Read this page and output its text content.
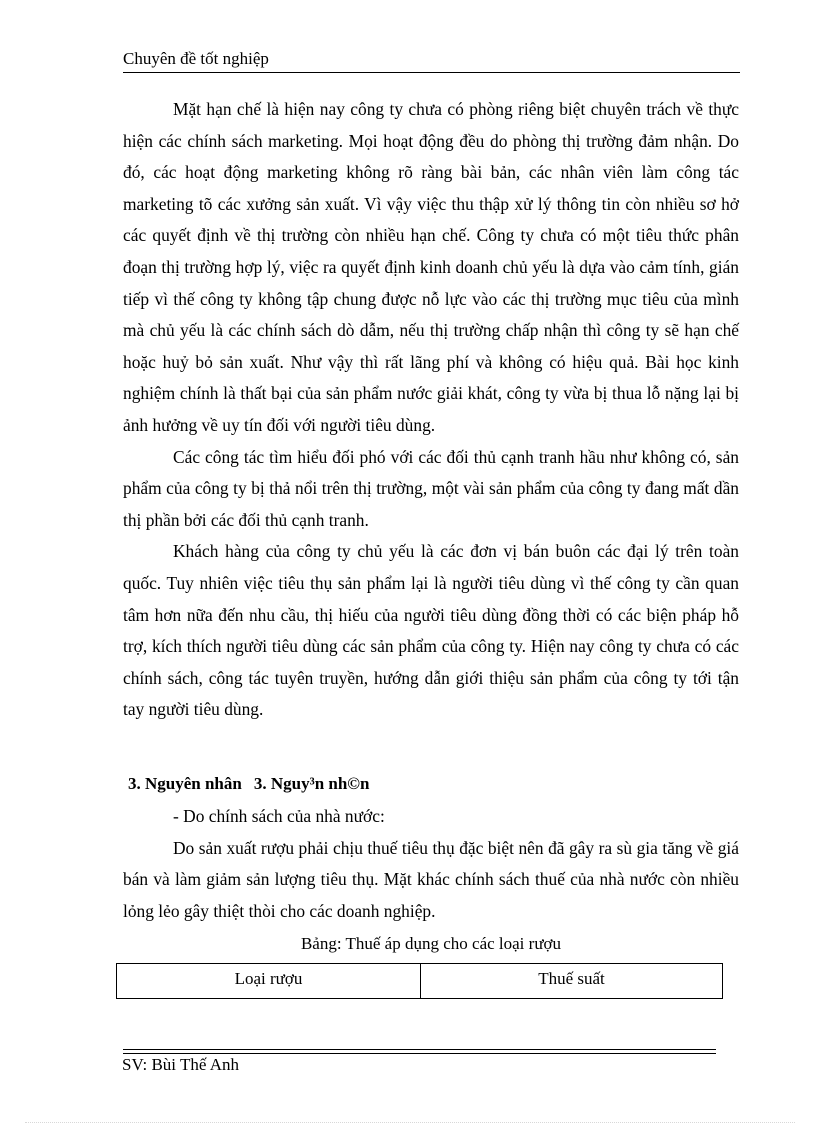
Chuyên đề tốt nghiệp

Mặt hạn chế là hiện nay công ty chưa có phòng riêng biệt chuyên trách về thực hiện các chính sách marketing. Mọi hoạt động đều do phòng thị trường đảm nhận. Do đó, các hoạt động marketing không rõ ràng bài bản, các nhân viên làm công tác marketing tõ các xưởng sản xuất. Vì vậy việc thu thập xử lý thông tin còn nhiều sơ hở các quyết định về thị trường còn nhiều hạn chế. Công ty chưa có một tiêu thức phân đoạn thị trường hợp lý, việc ra quyết định kinh doanh chủ yếu là dựa vào cảm tính, gián tiếp vì thế công ty không tập chung được nỗ lực vào các thị trường mục tiêu của mình mà chủ yếu là các chính sách dò dẫm, nếu thị trường chấp nhận thì công ty sẽ hạn chế hoặc huỷ bỏ sản xuất. Như vậy thì rất lãng phí và không có hiệu quả. Bài học kinh nghiệm chính là thất bại của sản phẩm nước giải khát, công ty vừa bị thua lỗ nặng lại bị ảnh hưởng về uy tín đối với người tiêu dùng.

Các công tác tìm hiểu đối phó với các đối thủ cạnh tranh hầu như không có, sản phẩm của công ty bị thả nổi trên thị trường, một vài sản phẩm của công ty đang mất dần thị phần bởi các đối thủ cạnh tranh.

Khách hàng của công ty chủ yếu là các đơn vị bán buôn các đại lý trên toàn quốc. Tuy nhiên việc tiêu thụ sản phẩm lại là người tiêu dùng vì thế công ty cần quan tâm hơn nữa đến nhu cầu, thị hiếu của người tiêu dùng đồng thời có các biện pháp hỗ trợ, kích thích người tiêu dùng các sản phẩm của công ty. Hiện nay công ty chưa có các chính sách, công tác tuyên truyền, hướng dẫn giới thiệu sản phẩm của công ty tới tận tay người tiêu dùng.

3. Nguyên nhân 3. Nguy³n nh©n

- Do chính sách của nhà nước:

Do sản xuất rượu phải chịu thuế tiêu thụ đặc biệt nên đã gây ra sù gia tăng về giá bán và làm giảm sản lượng tiêu thụ. Mặt khác chính sách thuế của nhà nước còn nhiều lỏng lẻo gây thiệt thòi cho các doanh nghiệp.

Bảng: Thuế áp dụng cho các loại rượu
Loại rượu	Thuế suất
SV: Bùi Thế Anh
